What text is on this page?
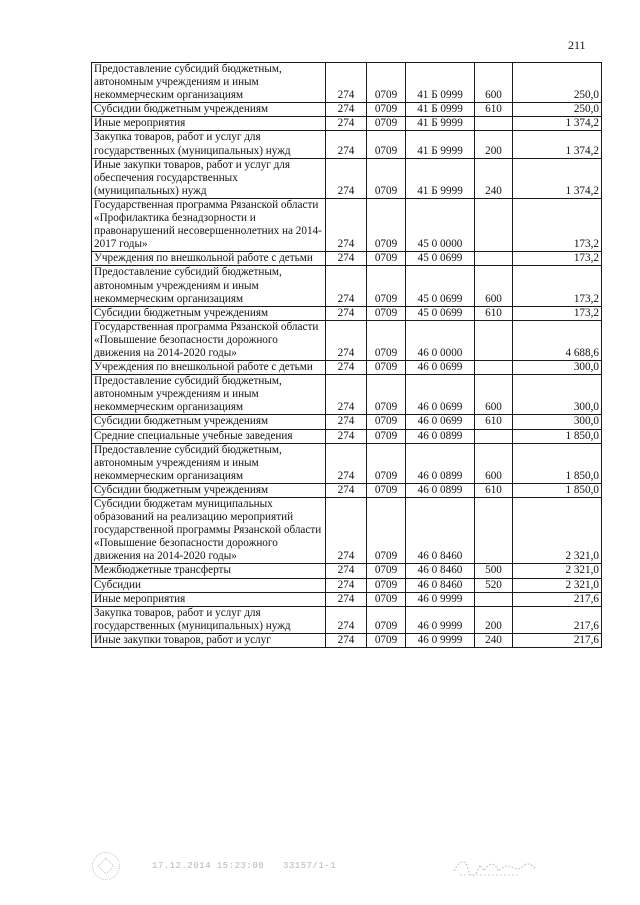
211
Предоставление субсидий бюджетным, автономным учреждениям и иным некоммерческим организациям	274	0709	41 Б 0999	600	250,0
Субсидии бюджетным учреждениям	274	0709	41 Б 0999	610	250,0
Иные мероприятия	274	0709	41 Б 9999		1 374,2
Закупка товаров, работ и услуг для государственных (муниципальных) нужд	274	0709	41 Б 9999	200	1 374,2
Иные закупки товаров, работ и услуг для обеспечения государственных (муниципальных) нужд	274	0709	41 Б 9999	240	1 374,2
Государственная программа Рязанской области «Профилактика безнадзорности и правонарушений несовершеннолетних на 2014-2017 годы»	274	0709	45 0 0000		173,2
Учреждения по внешкольной работе с детьми	274	0709	45 0 0699		173,2
Предоставление субсидий бюджетным, автономным учреждениям и иным некоммерческим организациям	274	0709	45 0 0699	600	173,2
Субсидии бюджетным учреждениям	274	0709	45 0 0699	610	173,2
Государственная программа Рязанской области «Повышение безопасности дорожного движения на 2014-2020 годы»	274	0709	46 0 0000		4 688,6
Учреждения по внешкольной работе с детьми	274	0709	46 0 0699		300,0
Предоставление субсидий бюджетным, автономным учреждениям и иным некоммерческим организациям	274	0709	46 0 0699	600	300,0
Субсидии бюджетным учреждениям	274	0709	46 0 0699	610	300,0
Средние специальные учебные заведения	274	0709	46 0 0899		1 850,0
Предоставление субсидий бюджетным, автономным учреждениям и иным некоммерческим организациям	274	0709	46 0 0899	600	1 850,0
Субсидии бюджетным учреждениям	274	0709	46 0 0899	610	1 850,0
Субсидии бюджетам муниципальных образований на реализацию мероприятий государственной программы Рязанской области «Повышение безопасности дорожного движения на 2014-2020 годы»	274	0709	46 0 8460		2 321,0
Межбюджетные трансферты	274	0709	46 0 8460	500	2 321,0
Субсидии	274	0709	46 0 8460	520	2 321,0
Иные мероприятия	274	0709	46 0 9999		217,6
Закупка товаров, работ и услуг для государственных (муниципальных) нужд	274	0709	46 0 9999	200	217,6
Иные закупки товаров, работ и услуг	274	0709	46 0 9999	240	217,6
17.12.2014 15:23:00 33157/1-1
